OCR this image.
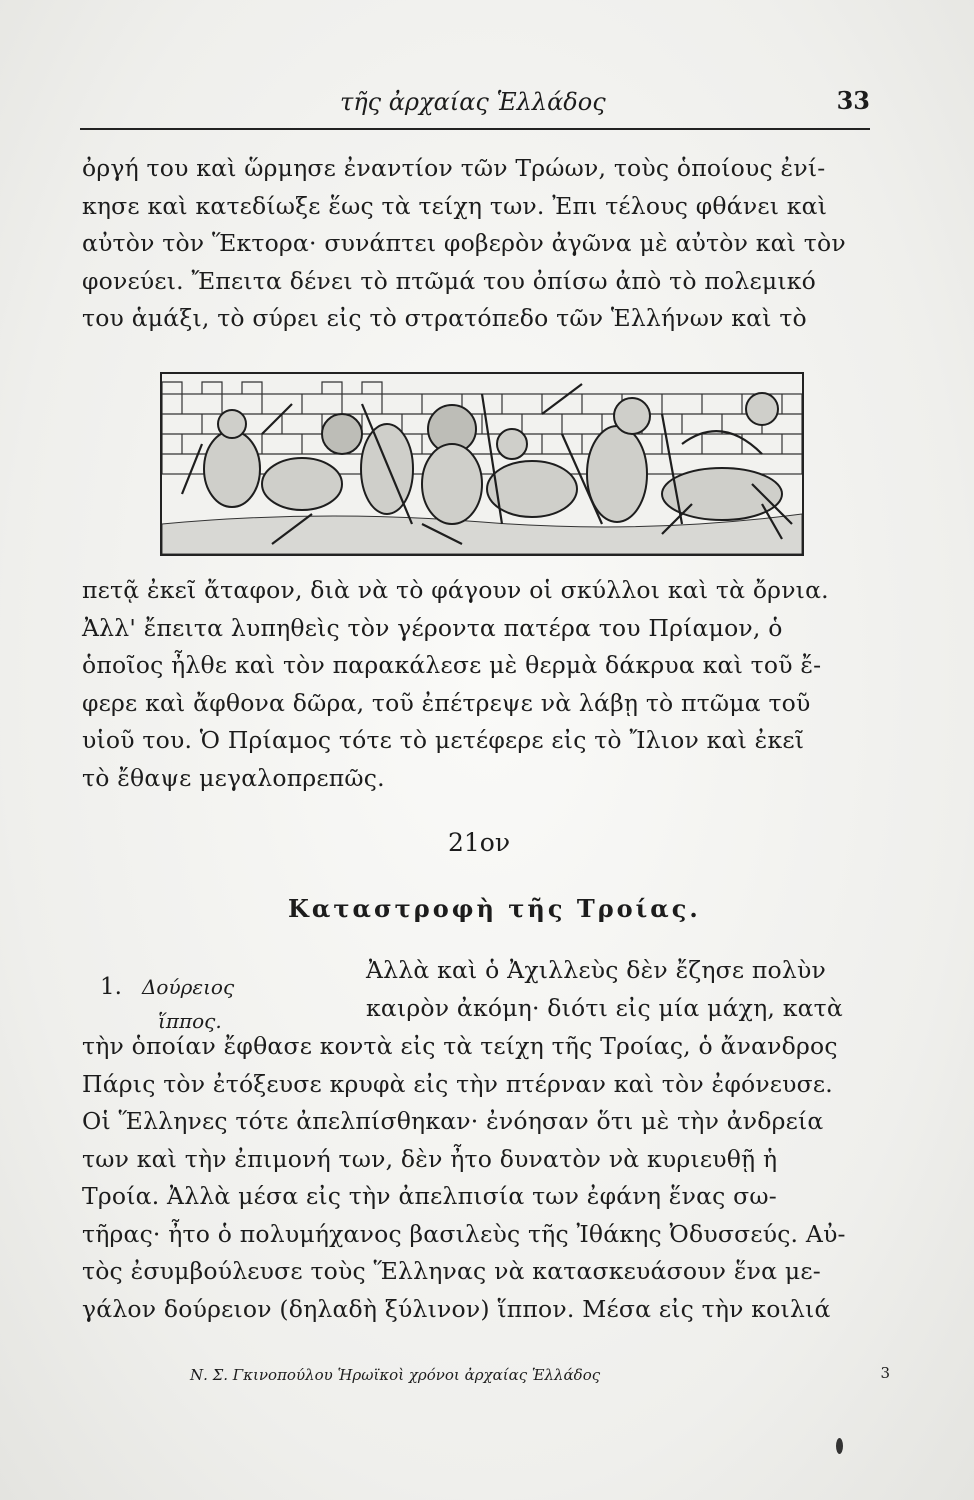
τῆς ἀρχαίας Ἑλλάδος	33

ὀργή του καὶ ὥρμησε ἐναντίον τῶν Τρώων, τοὺς ὁποίους ἐνί-
κησε καὶ κατεδίωξε ἕως τὰ τείχη των. Ἐπι τέλους φθάνει καὶ
αὐτὸν τὸν Ἕκτορα· συνάπτει φοβερὸν ἀγῶνα μὲ αὐτὸν καὶ τὸν
φονεύει. Ἔπειτα δένει τὸ πτῶμά του ὀπίσω ἀπὸ τὸ πολεμικό
του ἁμάξι, τὸ σύρει εἰς τὸ στρατόπεδο τῶν Ἑλλήνων καὶ τὸ

πετᾷ ἐκεῖ ἄταφον, διὰ νὰ τὸ φάγουν οἱ σκύλλοι καὶ τὰ ὄρνια.
Ἀλλ' ἔπειτα λυπηθεὶς τὸν γέροντα πατέρα του Πρίαμον, ὁ
ὁποῖος ἦλθε καὶ τὸν παρακάλεσε μὲ θερμὰ δάκρυα καὶ τοῦ ἔ-
φερε καὶ ἄφθονα δῶρα, τοῦ ἐπέτρεψε νὰ λάβῃ τὸ πτῶμα τοῦ
υἱοῦ του. Ὁ Πρίαμος τότε τὸ μετέφερε εἰς τὸ Ἴλιον καὶ ἐκεῖ
τὸ ἔθαψε μεγαλοπρεπῶς.

21ον
Καταστροφὴ τῆς Τροίας.
1. Δούρειος
ἵππος.

Ἀλλὰ καὶ ὁ Ἀχιλλεὺς δὲν ἔζησε πολὺν
καιρὸν ἀκόμη· διότι εἰς μία μάχη, κατὰ

τὴν ὁποίαν ἔφθασε κοντὰ εἰς τὰ τείχη τῆς Τροίας, ὁ ἄνανδρος
Πάρις τὸν ἐτόξευσε κρυφὰ εἰς τὴν πτέρναν καὶ τὸν ἐφόνευσε.
Οἱ Ἕλληνες τότε ἀπελπίσθηκαν· ἐνόησαν ὅτι μὲ τὴν ἀνδρεία
των καὶ τὴν ἐπιμονή των, δὲν ἦτο δυνατὸν νὰ κυριευθῇ ἡ
Τροία. Ἀλλὰ μέσα εἰς τὴν ἀπελπισία των ἐφάνη ἕνας σω-
τῆρας· ἦτο ὁ πολυμήχανος βασιλεὺς τῆς Ἰθάκης Ὀδυσσεύς. Αὐ-
τὸς ἐσυμβούλευσε τοὺς Ἕλληνας νὰ κατασκευάσουν ἕνα με-
γάλον δούρειον (δηλαδὴ ξύλινον) ἵππον. Μέσα εἰς τὴν κοιλιά

Ν. Σ. Γκινοπούλου Ἡρωϊκοὶ χρόνοι ἀρχαίας Ἑλλάδος	3
